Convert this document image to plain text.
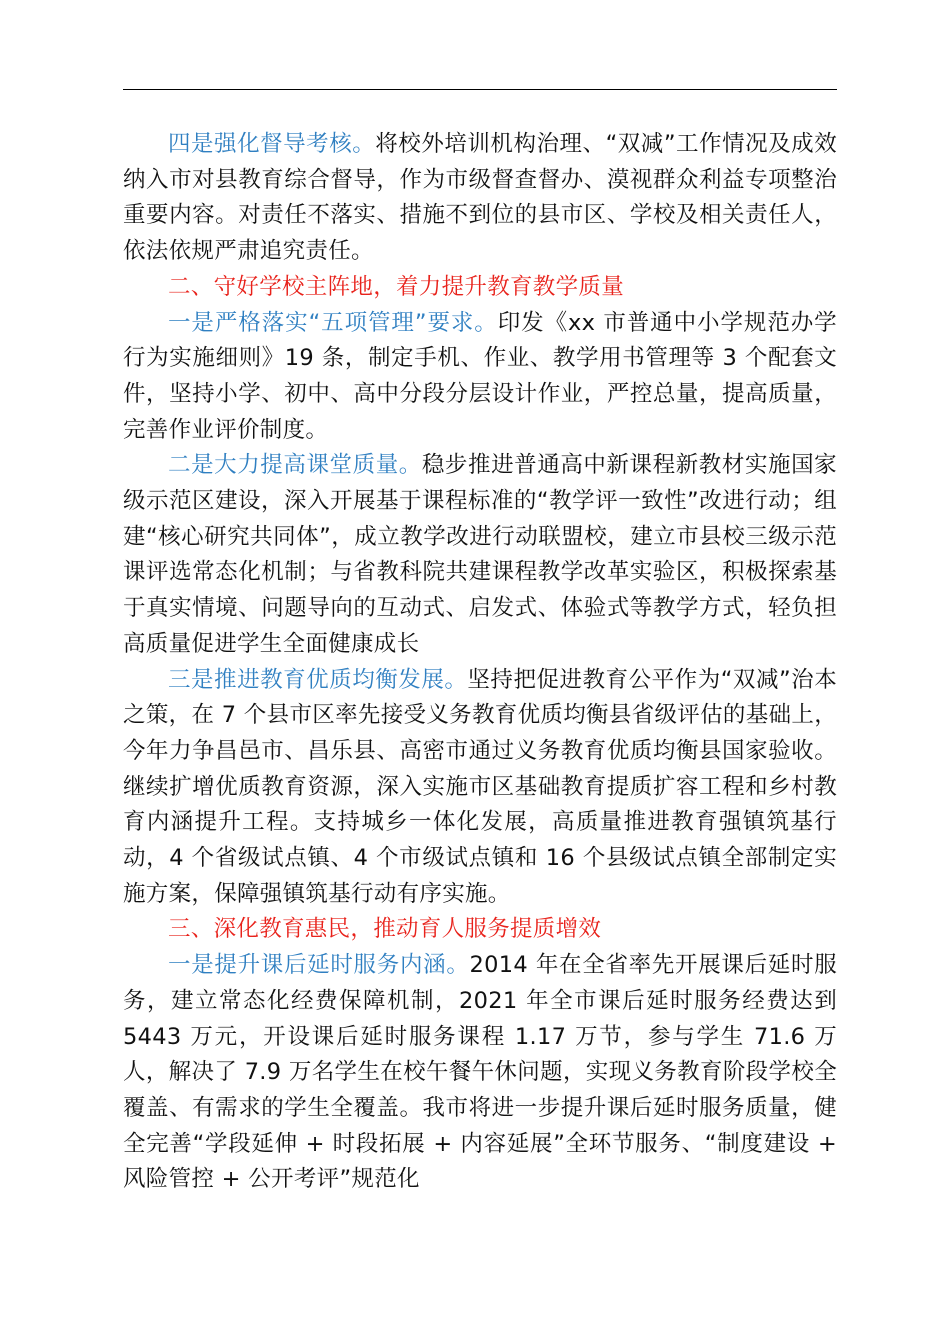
四是强化督导考核。将校外培训机构治理、“双减”工作情况及成效纳入市对县教育综合督导，作为市级督查督办、漠视群众利益专项整治重要内容。对责任不落实、措施不到位的县市区、学校及相关责任人，依法依规严肃追究责任。

二、守好学校主阵地，着力提升教育教学质量

一是严格落实“五项管理”要求。印发《xx 市普通中小学规范办学行为实施细则》19 条，制定手机、作业、教学用书管理等 3 个配套文件，坚持小学、初中、高中分段分层设计作业，严控总量，提高质量，完善作业评价制度。

二是大力提高课堂质量。稳步推进普通高中新课程新教材实施国家级示范区建设，深入开展基于课程标准的“教学评一致性”改进行动；组建“核心研究共同体”，成立教学改进行动联盟校，建立市县校三级示范课评选常态化机制；与省教科院共建课程教学改革实验区，积极探索基于真实情境、问题导向的互动式、启发式、体验式等教学方式，轻负担高质量促进学生全面健康成长

三是推进教育优质均衡发展。坚持把促进教育公平作为“双减”治本之策，在 7 个县市区率先接受义务教育优质均衡县省级评估的基础上，今年力争昌邑市、昌乐县、高密市通过义务教育优质均衡县国家验收。继续扩增优质教育资源，深入实施市区基础教育提质扩容工程和乡村教育内涵提升工程。支持城乡一体化发展，高质量推进教育强镇筑基行动，4 个省级试点镇、4 个市级试点镇和 16 个县级试点镇全部制定实施方案，保障强镇筑基行动有序实施。

三、深化教育惠民，推动育人服务提质增效

一是提升课后延时服务内涵。2014 年在全省率先开展课后延时服务，建立常态化经费保障机制，2021 年全市课后延时服务经费达到 5443 万元，开设课后延时服务课程 1.17 万节，参与学生 71.6 万人，解决了 7.9 万名学生在校午餐午休问题，实现义务教育阶段学校全覆盖、有需求的学生全覆盖。我市将进一步提升课后延时服务质量，健全完善“学段延伸 + 时段拓展 + 内容延展”全环节服务、“制度建设 + 风险管控 + 公开考评”规范化
